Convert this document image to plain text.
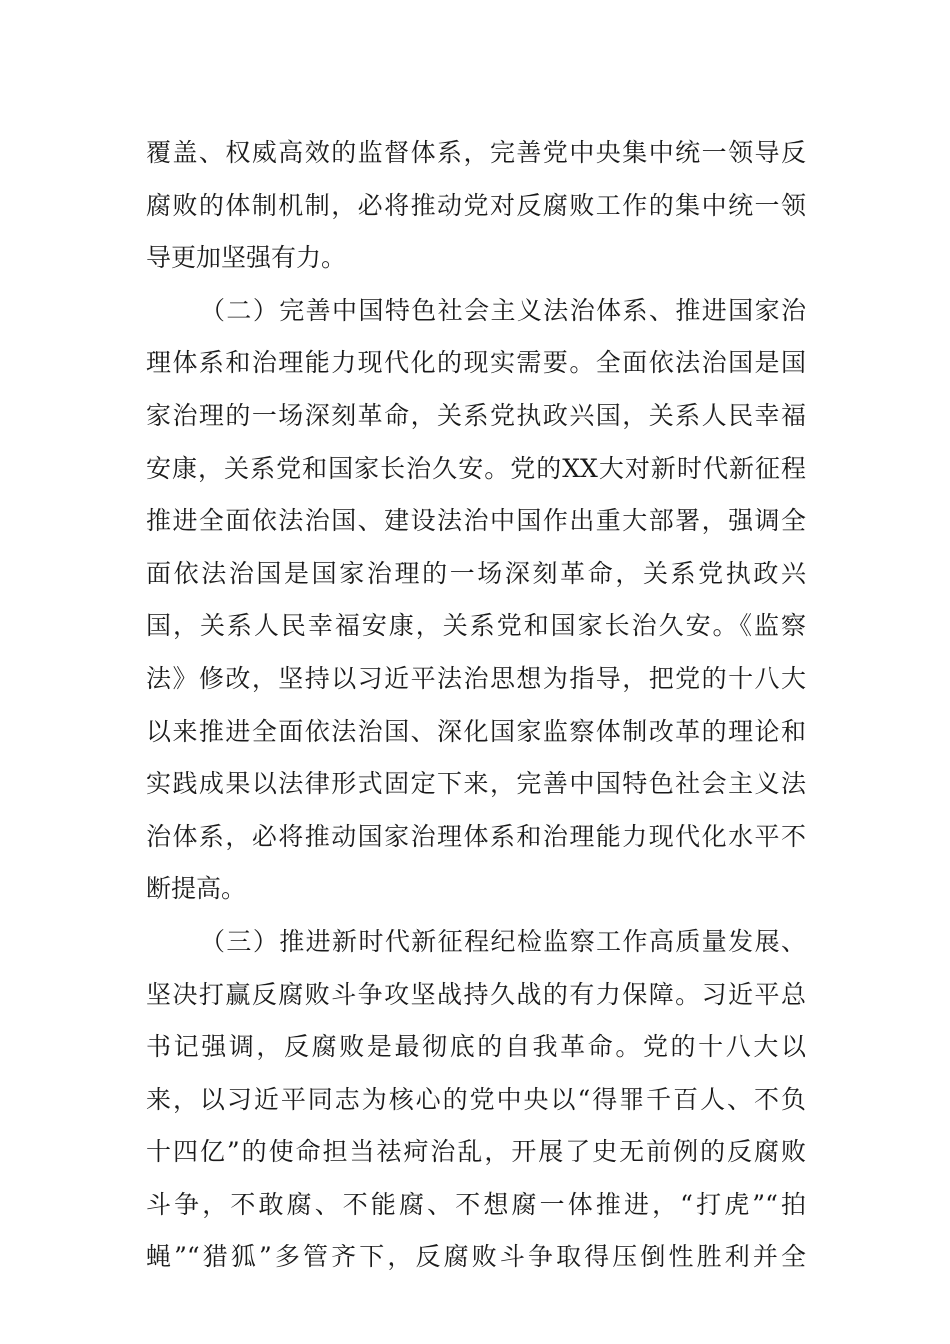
覆盖、权威高效的监督体系，完善党中央集中统一领导反
腐败的体制机制，必将推动党对反腐败工作的集中统一领
导更加坚强有力。
（二）完善中国特色社会主义法治体系、推进国家治
理体系和治理能力现代化的现实需要。全面依法治国是国
家治理的一场深刻革命，关系党执政兴国，关系人民幸福
安康，关系党和国家长治久安。党的XX大对新时代新征程
推进全面依法治国、建设法治中国作出重大部署，强调全
面依法治国是国家治理的一场深刻革命，关系党执政兴
国，关系人民幸福安康，关系党和国家长治久安。《监察
法》修改，坚持以习近平法治思想为指导，把党的十八大
以来推进全面依法治国、深化国家监察体制改革的理论和
实践成果以法律形式固定下来，完善中国特色社会主义法
治体系，必将推动国家治理体系和治理能力现代化水平不
断提高。
（三）推进新时代新征程纪检监察工作高质量发展、
坚决打赢反腐败斗争攻坚战持久战的有力保障。习近平总
书记强调，反腐败是最彻底的自我革命。党的十八大以
来，以习近平同志为核心的党中央以“得罪千百人、不负
十四亿”的使命担当祛疴治乱，开展了史无前例的反腐败
斗争，不敢腐、不能腐、不想腐一体推进，“打虎”“拍
蝇”“猎狐”多管齐下，反腐败斗争取得压倒性胜利并全
